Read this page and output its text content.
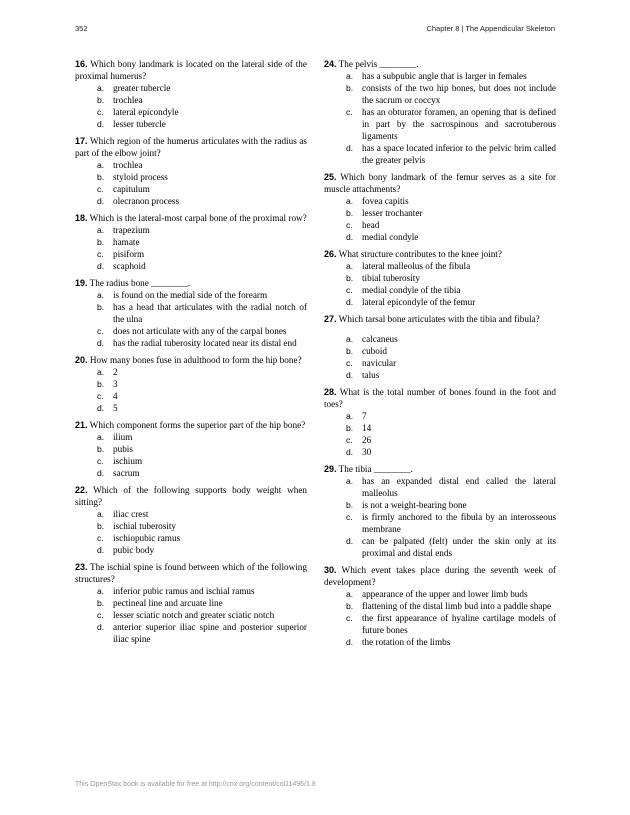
352	Chapter 8 | The Appendicular Skeleton
16. Which bony landmark is located on the lateral side of the proximal humerus?
a. greater tubercle
b. trochlea
c. lateral epicondyle
d. lesser tubercle
17. Which region of the humerus articulates with the radius as part of the elbow joint?
a. trochlea
b. styloid process
c. capitulum
d. olecranon process
18. Which is the lateral-most carpal bone of the proximal row?
a. trapezium
b. hamate
c. pisiform
d. scaphoid
19. The radius bone ________.
a. is found on the medial side of the forearm
b. has a head that articulates with the radial notch of the ulna
c. does not articulate with any of the carpal bones
d. has the radial tuberosity located near its distal end
20. How many bones fuse in adulthood to form the hip bone?
a. 2
b. 3
c. 4
d. 5
21. Which component forms the superior part of the hip bone?
a. ilium
b. pubis
c. ischium
d. sacrum
22. Which of the following supports body weight when sitting?
a. iliac crest
b. ischial tuberosity
c. ischiopubic ramus
d. pubic body
23. The ischial spine is found between which of the following structures?
a. inferior pubic ramus and ischial ramus
b. pectineal line and arcuate line
c. lesser sciatic notch and greater sciatic notch
d. anterior superior iliac spine and posterior superior iliac spine
24. The pelvis ________.
a. has a subpubic angle that is larger in females
b. consists of the two hip bones, but does not include the sacrum or coccyx
c. has an obturator foramen, an opening that is defined in part by the sacrospinous and sacrotuberous ligaments
d. has a space located inferior to the pelvic brim called the greater pelvis
25. Which bony landmark of the femur serves as a site for muscle attachments?
a. fovea capitis
b. lesser trochanter
c. head
d. medial condyle
26. What structure contributes to the knee joint?
a. lateral malleolus of the fibula
b. tibial tuberosity
c. medial condyle of the tibia
d. lateral epicondyle of the femur
27. Which tarsal bone articulates with the tibia and fibula?
a. calcaneus
b. cuboid
c. navicular
d. talus
28. What is the total number of bones found in the foot and toes?
a. 7
b. 14
c. 26
d. 30
29. The tibia ________.
a. has an expanded distal end called the lateral malleolus
b. is not a weight-bearing bone
c. is firmly anchored to the fibula by an interosseous membrane
d. can be palpated (felt) under the skin only at its proximal and distal ends
30. Which event takes place during the seventh week of development?
a. appearance of the upper and lower limb buds
b. flattening of the distal limb bud into a paddle shape
c. the first appearance of hyaline cartilage models of future bones
d. the rotation of the limbs
This OpenStax book is available for free at http://cnx.org/content/col11496/1.8
